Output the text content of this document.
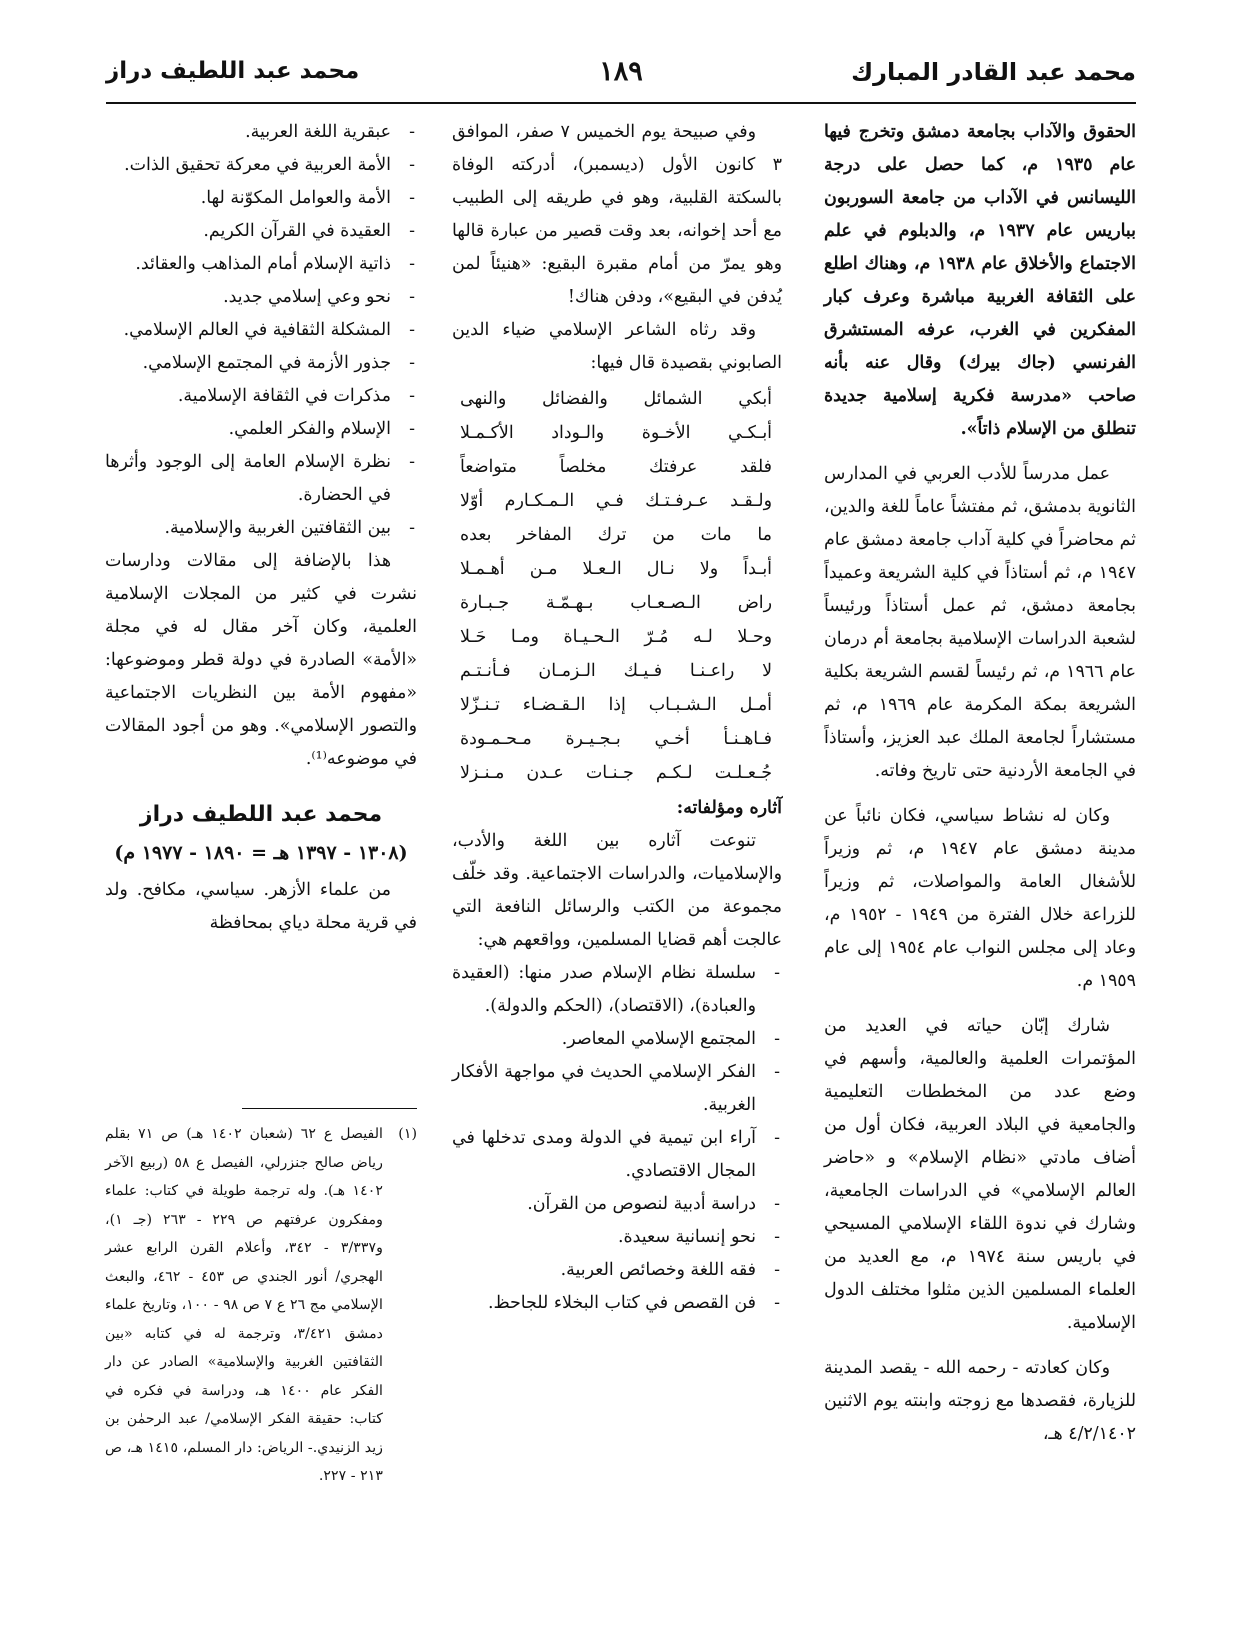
محمد عبد القادر المبارك
١٨٩
محمد عبد اللطيف دراز

الحقوق والآداب بجامعة دمشق وتخرج فيها عام ١٩٣٥ م، كما حصل على درجة الليسانس في الآداب من جامعة السوربون بباريس عام ١٩٣٧ م، والدبلوم في علم الاجتماع والأخلاق عام ١٩٣٨ م، وهناك اطلع على الثقافة الغربية مباشرة وعرف كبار المفكرين في الغرب، عرفه المستشرق الفرنسي (جاك بيرك) وقال عنه بأنه صاحب «مدرسة فكرية إسلامية جديدة تنطلق من الإسلام ذاتاً».

عمل مدرساً للأدب العربي في المدارس الثانوية بدمشق، ثم مفتشاً عاماً للغة والدين، ثم محاضراً في كلية آداب جامعة دمشق عام ١٩٤٧ م، ثم أستاذاً في كلية الشريعة وعميداً بجامعة دمشق، ثم عمل أستاذاً ورئيساً لشعبة الدراسات الإسلامية بجامعة أم درمان عام ١٩٦٦ م، ثم رئيساً لقسم الشريعة بكلية الشريعة بمكة المكرمة عام ١٩٦٩ م، ثم مستشاراً لجامعة الملك عبد العزيز، وأستاذاً في الجامعة الأردنية حتى تاريخ وفاته.

وكان له نشاط سياسي، فكان نائباً عن مدينة دمشق عام ١٩٤٧ م، ثم وزيراً للأشغال العامة والمواصلات، ثم وزيراً للزراعة خلال الفترة من ١٩٤٩ - ١٩٥٢ م، وعاد إلى مجلس النواب عام ١٩٥٤ إلى عام ١٩٥٩ م.

شارك إبّان حياته في العديد من المؤتمرات العلمية والعالمية، وأسهم في وضع عدد من المخططات التعليمية والجامعية في البلاد العربية، فكان أول من أضاف مادتي «نظام الإسلام» و «حاضر العالم الإسلامي» في الدراسات الجامعية، وشارك في ندوة اللقاء الإسلامي المسيحي في باريس سنة ١٩٧٤ م، مع العديد من العلماء المسلمين الذين مثلوا مختلف الدول الإسلامية.

وكان كعادته - رحمه الله - يقصد المدينة للزيارة، فقصدها مع زوجته وابنته يوم الاثنين ٤/٢/١٤٠٢ هـ،

وفي صبيحة يوم الخميس ٧ صفر، الموافق ٣ كانون الأول (ديسمبر)، أدركته الوفاة بالسكتة القلبية، وهو في طريقه إلى الطبيب مع أحد إخوانه، بعد وقت قصير من عبارة قالها وهو يمرّ من أمام مقبرة البقيع: «هنيئاً لمن يُدفن في البقيع»، ودفن هناك!

وقد رثاه الشاعر الإسلامي ضياء الدين الصابوني بقصيدة قال فيها:

أبكي الشمائل والفضائل والنهى
أبـكـي الأخـوة والـوداد الأكـمـلا
فلقد عرفتك مخلصاً متواضعاً
ولـقـد عـرفـتـك فـي الـمـكـارم أوّلا
ما مات من ترك المفاخر بعده
أبـداً ولا نـال الـعـلا مـن أهـمـلا
راض الـصـعـاب بـهـمّـة جـبـارة
وحـلا لـه مُـرّ الـحـيـاة ومـا حَـلا
لا راعـنـا فـيـك الـزمـان فـأنـتـم
أمـل الـشـبـاب إذا الـقـضـاء تـنـزّلا
فـاهـنـأ أخـي بـجـيـرة مـحـمـودة
جُـعـلـت لـكـم جـنـات عـدن مـنـزلا

آثاره ومؤلفاته:

تنوعت آثاره بين اللغة والأدب، والإسلاميات، والدراسات الاجتماعية. وقد خلّف مجموعة من الكتب والرسائل النافعة التي عالجت أهم قضايا المسلمين، وواقعهم هي:

-
سلسلة نظام الإسلام صدر منها: (العقيدة والعبادة)، (الاقتصاد)، (الحكم والدولة).
-
المجتمع الإسلامي المعاصر.
-
الفكر الإسلامي الحديث في مواجهة الأفكار الغربية.
-
آراء ابن تيمية في الدولة ومدى تدخلها في المجال الاقتصادي.
-
دراسة أدبية لنصوص من القرآن.
-
نحو إنسانية سعيدة.
-
فقه اللغة وخصائص العربية.
-
فن القصص في كتاب البخلاء للجاحظ.
-
عبقرية اللغة العربية.
-
الأمة العربية في معركة تحقيق الذات.
-
الأمة والعوامل المكوّنة لها.
-
العقيدة في القرآن الكريم.
-
ذاتية الإسلام أمام المذاهب والعقائد.
-
نحو وعي إسلامي جديد.
-
المشكلة الثقافية في العالم الإسلامي.
-
جذور الأزمة في المجتمع الإسلامي.
-
مذكرات في الثقافة الإسلامية.
-
الإسلام والفكر العلمي.
-
نظرة الإسلام العامة إلى الوجود وأثرها في الحضارة.
-
بين الثقافتين الغربية والإسلامية.

هذا بالإضافة إلى مقالات ودارسات نشرت في كثير من المجلات الإسلامية العلمية، وكان آخر مقال له في مجلة «الأمة» الصادرة في دولة قطر وموضوعها: «مفهوم الأمة بين النظريات الاجتماعية والتصور الإسلامي». وهو من أجود المقالات في موضوعه⁽¹⁾.

محمد عبد اللطيف دراز
(١٣٠٨ - ١٣٩٧ هـ = ١٨٩٠ - ١٩٧٧ م)

من علماء الأزهر. سياسي، مكافح. ولد في قرية محلة دياي بمحافظة

(١)
الفيصل ع ٦٢ (شعبان ١٤٠٢ هـ) ص ٧١ بقلم رياض صالح جنزرلي، الفيصل ع ٥٨ (ربيع الآخر ١٤٠٢ هـ). وله ترجمة طويلة في كتاب: علماء ومفكرون عرفتهم ص ٢٢٩ - ٢٦٣ (جـ ١)، و٣/٣٣٧ - ٣٤٢، وأعلام القرن الرابع عشر الهجري/ أنور الجندي ص ٤٥٣ - ٤٦٢، والبعث الإسلامي مج ٢٦ ع ٧ ص ٩٨ - ١٠٠، وتاريخ علماء دمشق ٣/٤٢١، وترجمة له في كتابه «بين الثقافتين الغربية والإسلامية» الصادر عن دار الفكر عام ١٤٠٠ هـ، ودراسة في فكره في كتاب: حقيقة الفكر الإسلامي/ عبد الرحمٰن بن زيد الزنيدي.- الرياض: دار المسلم، ١٤١٥ هـ، ص ٢١٣ - ٢٢٧.
